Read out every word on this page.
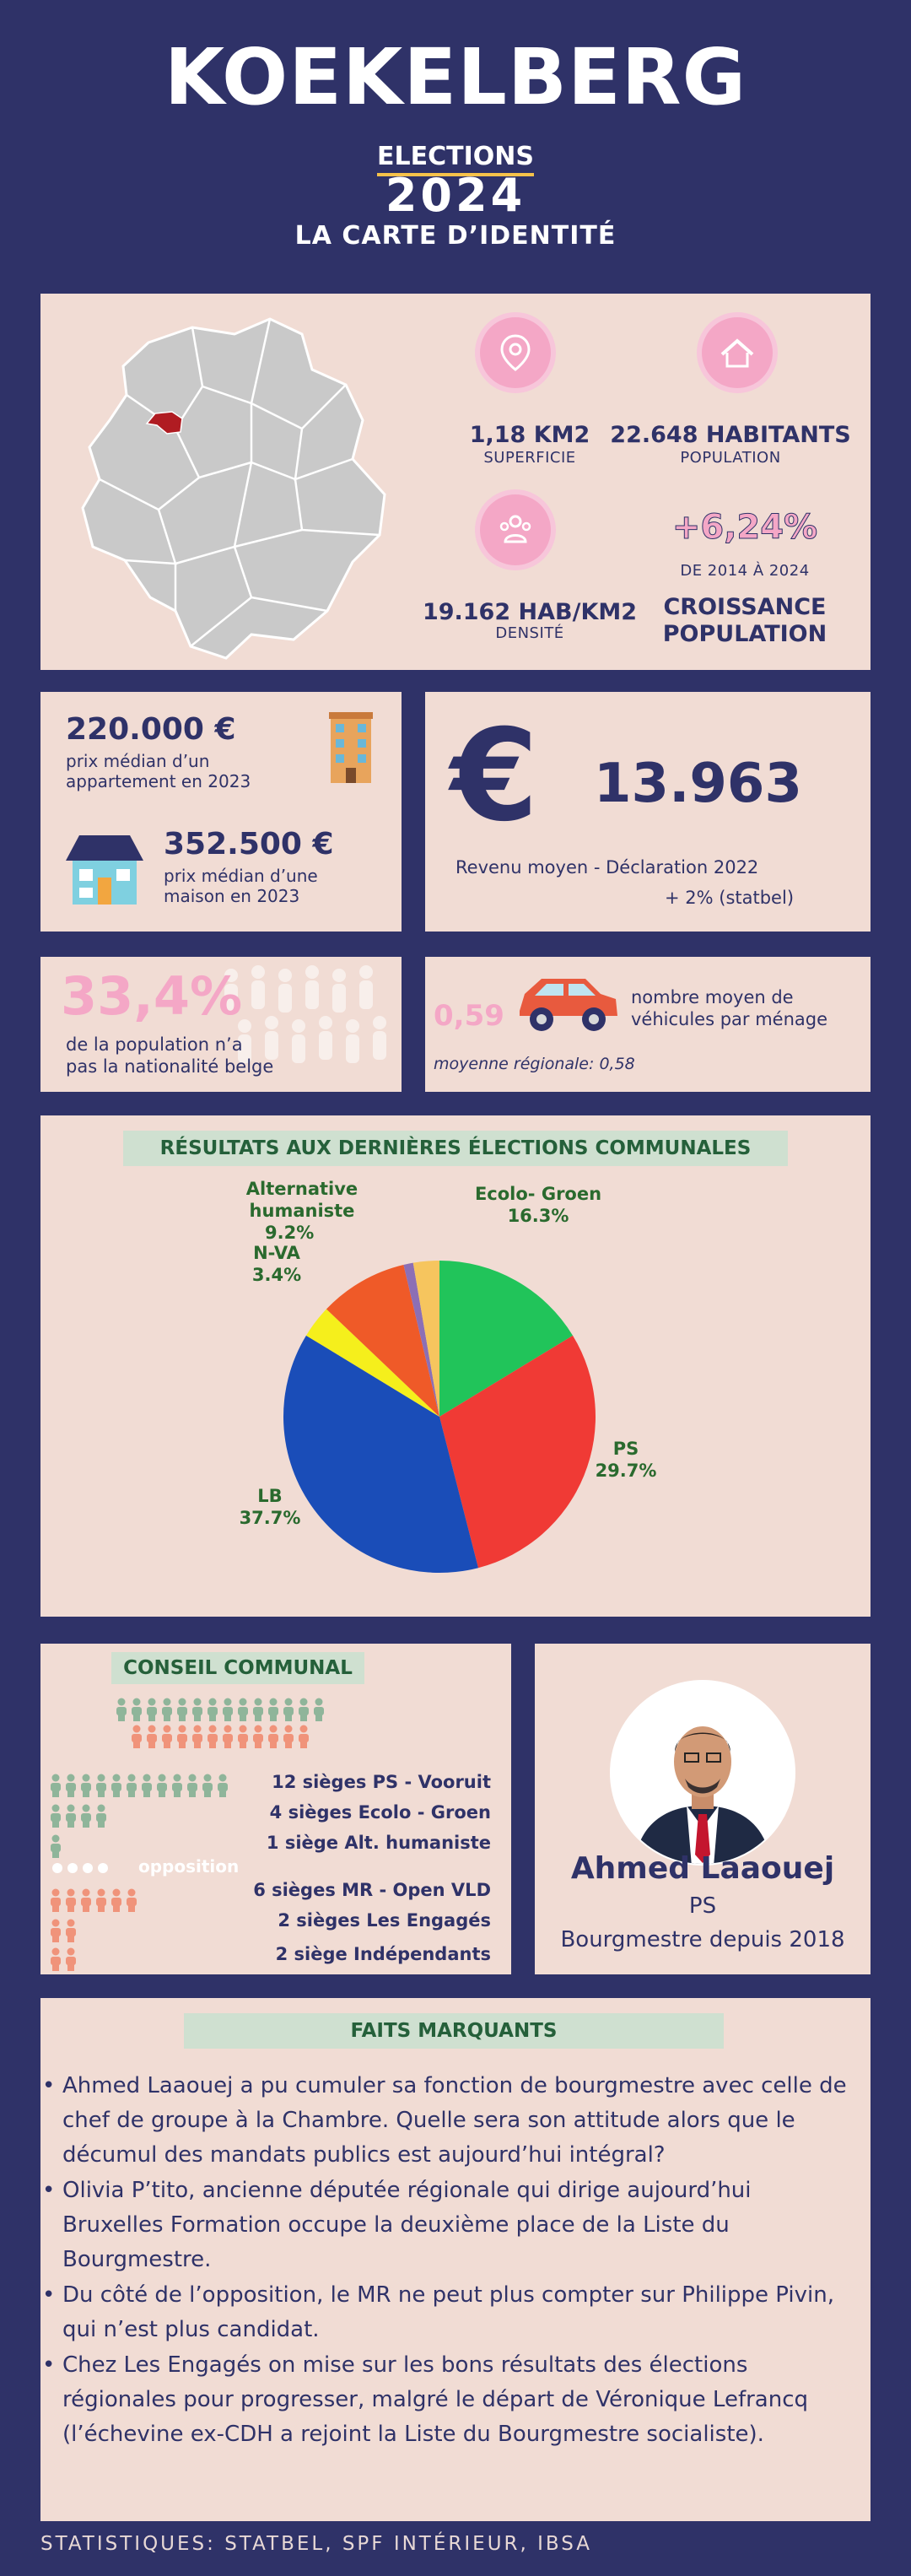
KOEKELBERG
ELECTIONS
2024
LA CARTE D’IDENTITÉ
1,18 KM2
SUPERFICIE
22.648 HABITANTS
POPULATION
19.162 HAB/KM2
DENSITÉ
+6,24%
DE 2014 À 2024
CROISSANCE
POPULATION
220.000 €
prix médian d’un
appartement en 2023
352.500 €
prix médian d’une
maison en 2023
€ 13.963
Revenu moyen - Déclaration 2022
+ 2% (statbel)
33,4%
de la population n’a
pas la nationalité belge
0,59
nombre moyen de
véhicules par ménage
moyenne régionale: 0,58
RÉSULTATS AUX DERNIÈRES ÉLECTIONS COMMUNALES
Alternative humaniste
9.2%
Ecolo- Groen
16.3%
N-VA
3.4%
PS
29.7%
LB
37.7%
CONSEIL COMMUNAL
opposition
12 sièges PS - Vooruit
4 sièges Ecolo - Groen
1 siège Alt. humaniste
6 sièges MR - Open VLD
2 sièges Les Engagés
2 siège Indépendants
Ahmed Laaouej
PS
Bourgmestre depuis 2018
FAITS MARQUANTS
• Ahmed Laaouej a pu cumuler sa fonction de bourgmestre avec celle de chef de groupe à la Chambre. Quelle sera son attitude alors que le décumul des mandats publics est aujourd’hui intégral?
• Olivia P’tito, ancienne députée régionale qui dirige aujourd’hui Bruxelles Formation occupe la deuxième place de la Liste du Bourgmestre.
• Du côté de l’opposition, le MR ne peut plus compter sur Philippe Pivin, qui n’est plus candidat.
• Chez Les Engagés on mise sur les bons résultats des élections régionales pour progresser, malgré le départ de Véronique Lefrancq (l’échevine ex-CDH a rejoint la Liste du Bourgmestre socialiste).
STATISTIQUES: STATBEL, SPF INTÉRIEUR, IBSA
